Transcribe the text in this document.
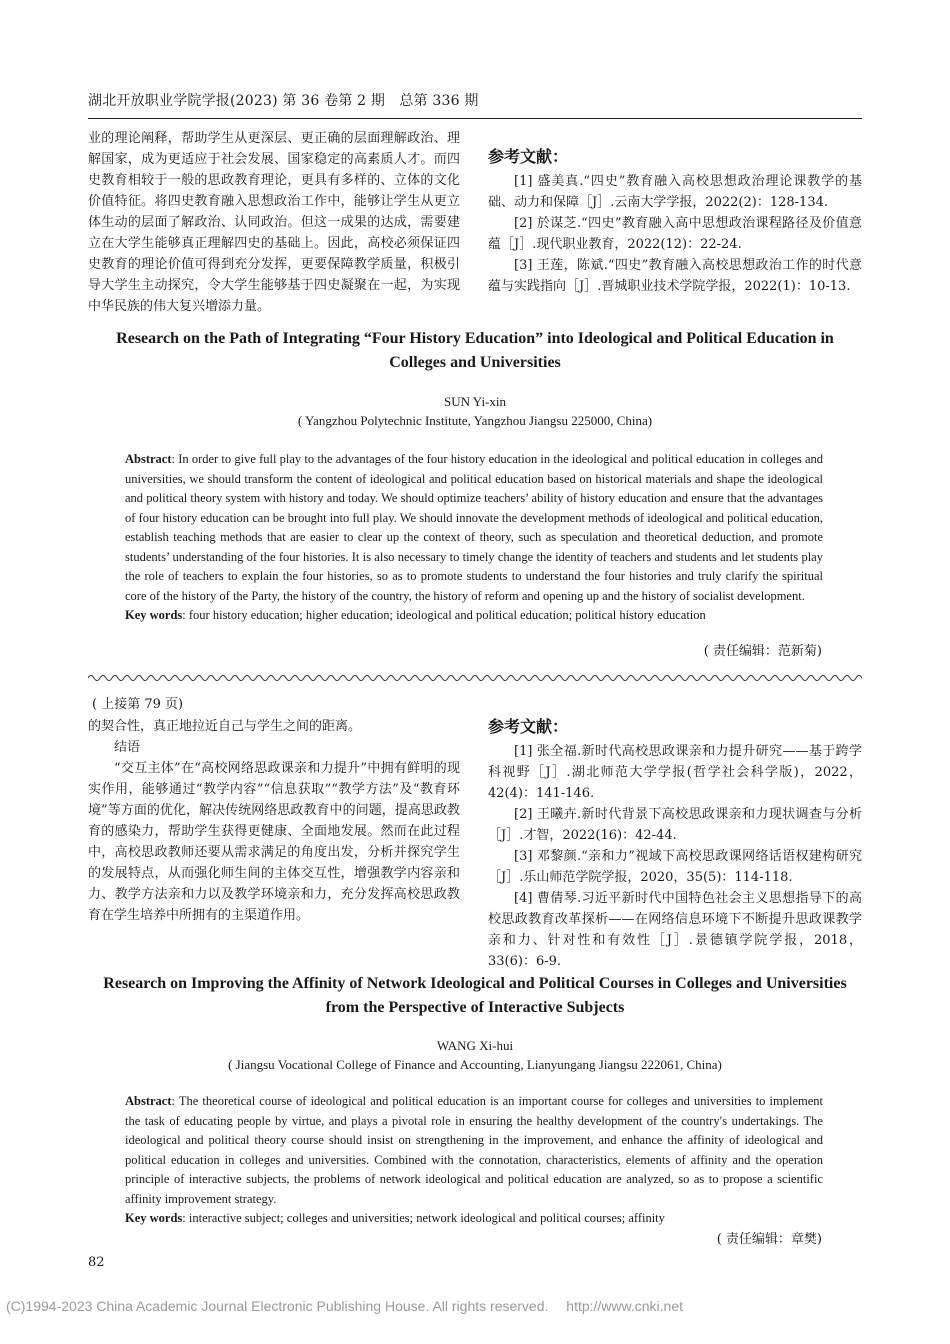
湖北开放职业学院学报(2023) 第 36 卷第 2 期　总第 336 期

业的理论阐释，帮助学生从更深层、更正确的层面理解政治、理解国家，成为更适应于社会发展、国家稳定的高素质人才。而四史教育相较于一般的思政教育理论，更具有多样的、立体的文化价值特征。将四史教育融入思想政治工作中，能够让学生从更立体生动的层面了解政治、认同政治。但这一成果的达成，需要建立在大学生能够真正理解四史的基础上。因此，高校必须保证四史教育的理论价值可得到充分发挥，更要保障教学质量，积极引导大学生主动探究，令大学生能够基于四史凝聚在一起，为实现中华民族的伟大复兴增添力量。

参考文献：

[1] 盛美真.“四史”教育融入高校思想政治理论课教学的基础、动力和保障［J］.云南大学学报，2022(2)：128-134.

[2] 於谋芝.“四史”教育融入高中思想政治课程路径及价值意蕴［J］.现代职业教育，2022(12)：22-24.

[3] 王莲，陈斌.“四史”教育融入高校思想政治工作的时代意蕴与实践指向［J］.晋城职业技术学院学报，2022(1)：10-13.

Research on the Path of Integrating “Four History Education” into Ideological and Political Education in Colleges and Universities
SUN Yi-xin
( Yangzhou Polytechnic Institute, Yangzhou Jiangsu 225000, China)

Abstract: In order to give full play to the advantages of the four history education in the ideological and political education in colleges and universities, we should transform the content of ideological and political education based on historical materials and shape the ideological and political theory system with history and today. We should optimize teachers’ ability of history education and ensure that the advantages of four history education can be brought into full play. We should innovate the development methods of ideological and political education, establish teaching methods that are easier to clear up the context of theory, such as speculation and theoretical deduction, and promote students’ understanding of the four histories. It is also necessary to timely change the identity of teachers and students and let students play the role of teachers to explain the four histories, so as to promote students to understand the four histories and truly clarify the spiritual core of the history of the Party, the history of the country, the history of reform and opening up and the history of socialist development.

Key words: four history education; higher education; ideological and political education; political history education

( 责任编辑：范新菊)
( 上接第 79 页)

的契合性，真正地拉近自己与学生之间的距离。

结语

“交互主体”在“高校网络思政课亲和力提升”中拥有鲜明的现实作用，能够通过“教学内容”“信息获取”“教学方法”及“教育环境”等方面的优化，解决传统网络思政教育中的问题，提高思政教育的感染力，帮助学生获得更健康、全面地发展。然而在此过程中，高校思政教师还要从需求满足的角度出发，分析并探究学生的发展特点，从而强化师生间的主体交互性，增强教学内容亲和力、教学方法亲和力以及教学环境亲和力，充分发挥高校思政教育在学生培养中所拥有的主渠道作用。

参考文献：

[1] 张全福.新时代高校思政课亲和力提升研究——基于跨学科视野［J］.湖北师范大学学报(哲学社会科学版)，2022，42(4)：141-146.

[2] 王曦卉.新时代背景下高校思政课亲和力现状调查与分析［J］.才智，2022(16)：42-44.

[3] 邓黎颜.“亲和力”视域下高校思政课网络话语权建构研究［J］.乐山师范学院学报，2020，35(5)：114-118.

[4] 曹倩琴.习近平新时代中国特色社会主义思想指导下的高校思政教育改革探析——在网络信息环境下不断提升思政课教学亲和力、针对性和有效性［J］.景德镇学院学报，2018，33(6)：6-9.

Research on Improving the Affinity of Network Ideological and Political Courses in Colleges and Universities from the Perspective of Interactive Subjects
WANG Xi-hui
( Jiangsu Vocational College of Finance and Accounting, Lianyungang Jiangsu 222061, China)

Abstract: The theoretical course of ideological and political education is an important course for colleges and universities to implement the task of educating people by virtue, and plays a pivotal role in ensuring the healthy development of the country′s undertakings. The ideological and political theory course should insist on strengthening in the improvement, and enhance the affinity of ideological and political education in colleges and universities. Combined with the connotation, characteristics, elements of affinity and the operation principle of interactive subjects, the problems of network ideological and political education are analyzed, so as to propose a scientific affinity improvement strategy.

Key words: interactive subject; colleges and universities; network ideological and political courses; affinity

( 责任编辑：章樊)
82
(C)1994-2023 China Academic Journal Electronic Publishing House. All rights reserved. http://www.cnki.net
